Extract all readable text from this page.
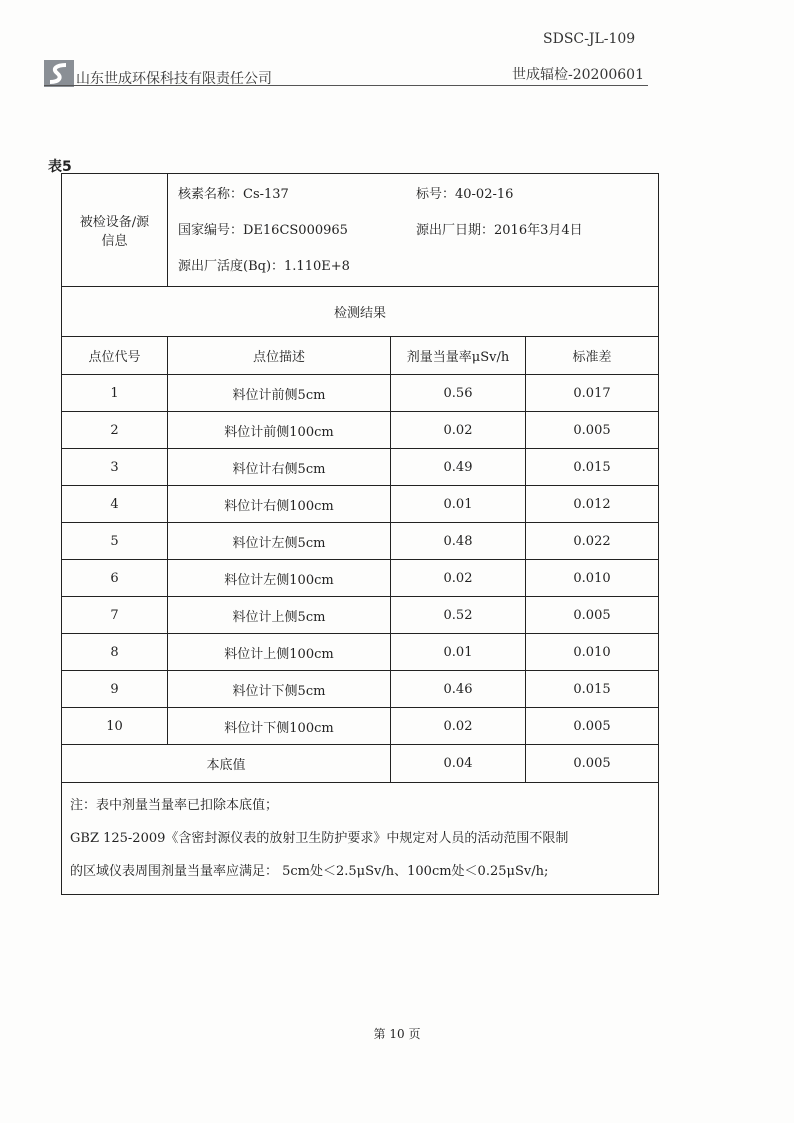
SDSC-JL-109
山东世成环保科技有限责任公司	世成辐检-20200601
表5
被检设备/源信息	核素名称：Cs-137 标号：40-02-16
国家编号：DE16CS000965 源出厂日期：2016年3月4日
源出厂活度(Bq)：1.110E+8		

检测结果			
点位代号	点位描述	剂量当量率μSv/h	标准差
1	料位计前侧5cm	0.56	0.017
2	料位计前侧100cm	0.02	0.005
3	料位计右侧5cm	0.49	0.015
4	料位计右侧100cm	0.01	0.012
5	料位计左侧5cm	0.48	0.022
6	料位计左侧100cm	0.02	0.010
7	料位计上侧5cm	0.52	0.005
8	料位计上侧100cm	0.01	0.010
9	料位计下侧5cm	0.46	0.015
10	料位计下侧100cm	0.02	0.005
本底值		0.04	0.005

注：表中剂量当量率已扣除本底值；
GBZ 125-2009《含密封源仪表的放射卫生防护要求》中规定对人员的活动范围不限制
的区域仪表周围剂量当量率应满足： 5cm处＜2.5μSv/h、100cm处＜0.25μSv/h;			
第 10 页
